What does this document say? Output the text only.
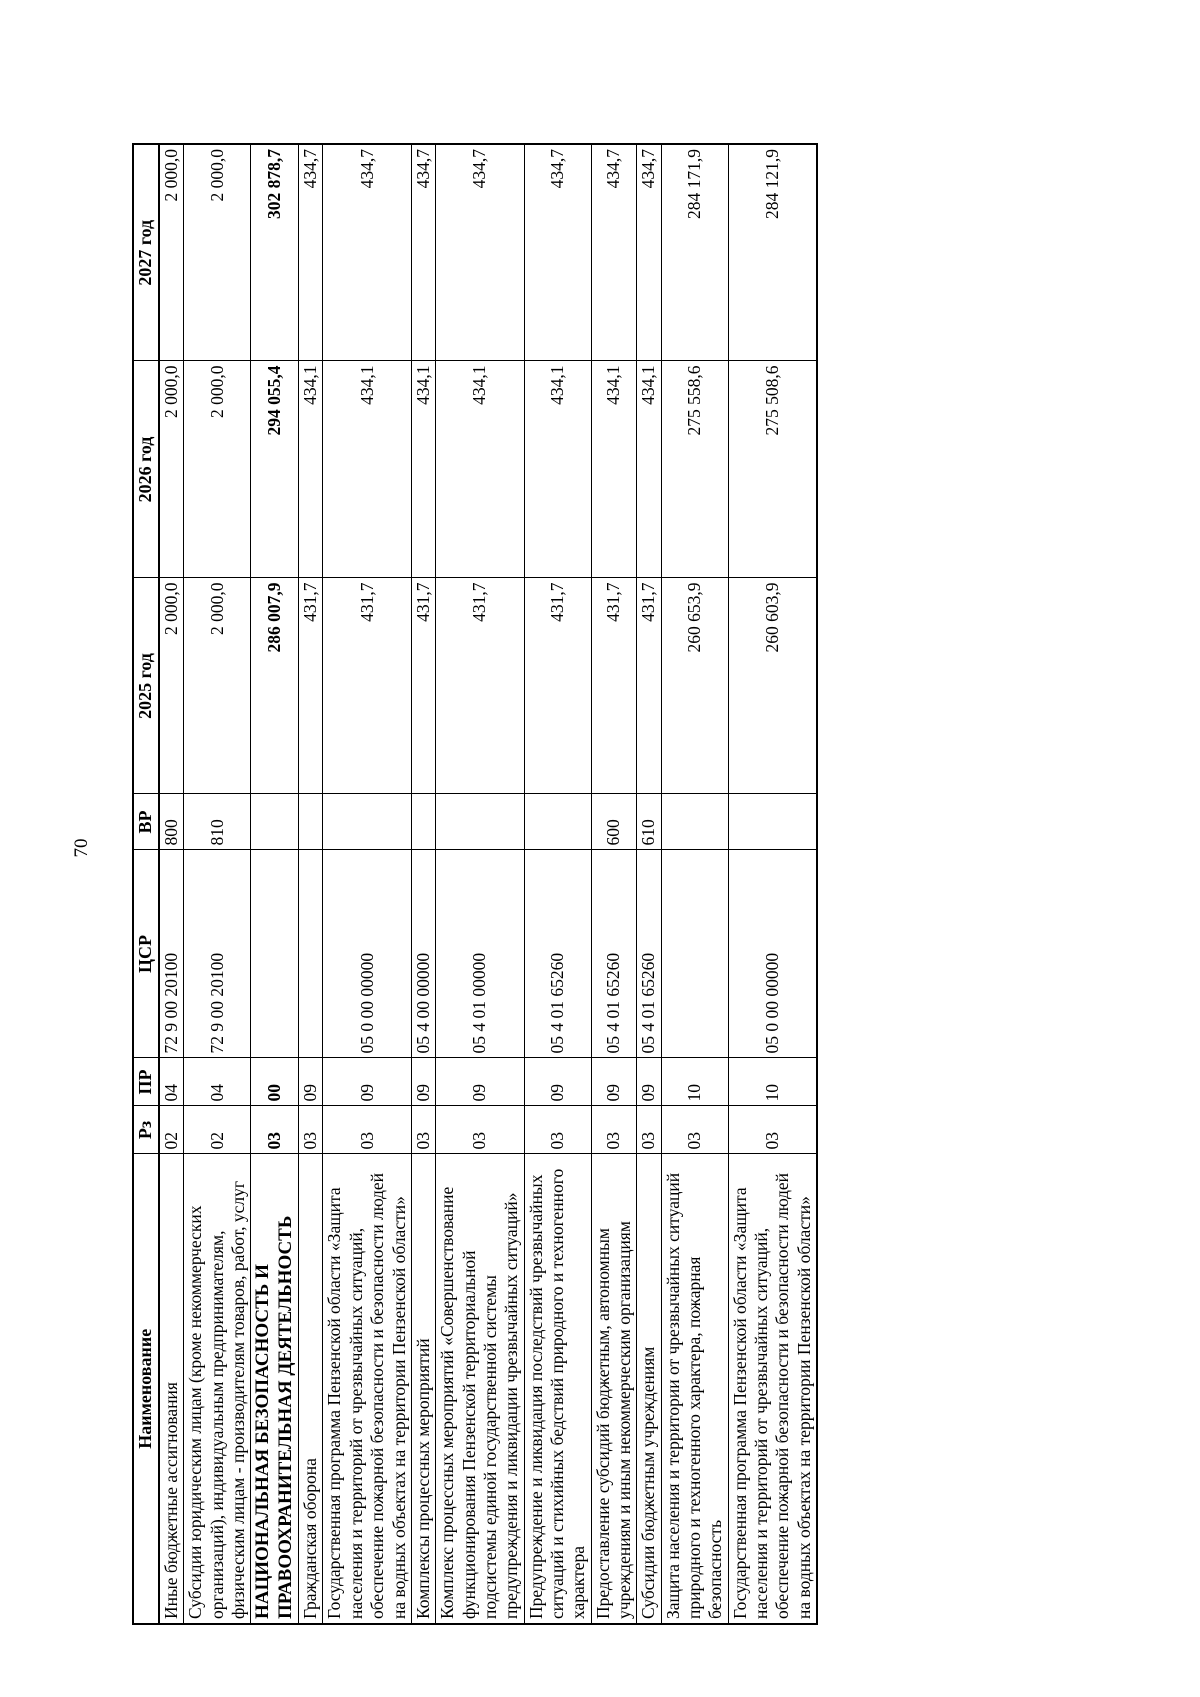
70
Наименование	Рз	ПР	ЦСР	ВР	2025 год	2026 год	2027 год
Иные бюджетные ассигнования	02	04	72 9 00 20100	800	2 000,0	2 000,0	2 000,0
Субсидии юридическим лицам (кроме некоммерческих организаций), индивидуальным предпринимателям, физическим лицам - производителям товаров, работ, услуг	02	04	72 9 00 20100	810	2 000,0	2 000,0	2 000,0
НАЦИОНАЛЬНАЯ БЕЗОПАСНОСТЬ И ПРАВООХРАНИТЕЛЬНАЯ ДЕЯТЕЛЬНОСТЬ	03	00			286 007,9	294 055,4	302 878,7
Гражданская оборона	03	09			431,7	434,1	434,7
Государственная программа Пензенской области «Защита населения и территорий от чрезвычайных ситуаций, обеспечение пожарной безопасности и безопасности людей на водных объектах на территории Пензенской области»	03	09	05 0 00 00000		431,7	434,1	434,7
Комплексы процессных мероприятий	03	09	05 4 00 00000		431,7	434,1	434,7
Комплекс процессных мероприятий «Совершенствование функционирования Пензенской территориальной подсистемы единой государственной системы предупреждения и ликвидации чрезвычайных ситуаций»	03	09	05 4 01 00000		431,7	434,1	434,7
Предупреждение и ликвидация последствий чрезвычайных ситуаций и стихийных бедствий природного и техногенного характера	03	09	05 4 01 65260		431,7	434,1	434,7
Предоставление субсидий бюджетным, автономным учреждениям и иным некоммерческим организациям	03	09	05 4 01 65260	600	431,7	434,1	434,7
Субсидии бюджетным учреждениям	03	09	05 4 01 65260	610	431,7	434,1	434,7
Защита населения и территории от чрезвычайных ситуаций природного и техногенного характера, пожарная безопасность	03	10			260 653,9	275 558,6	284 171,9
Государственная программа Пензенской области «Защита населения и территорий от чрезвычайных ситуаций, обеспечение пожарной безопасности и безопасности людей на водных объектах на территории Пензенской области»	03	10	05 0 00 00000		260 603,9	275 508,6	284 121,9
